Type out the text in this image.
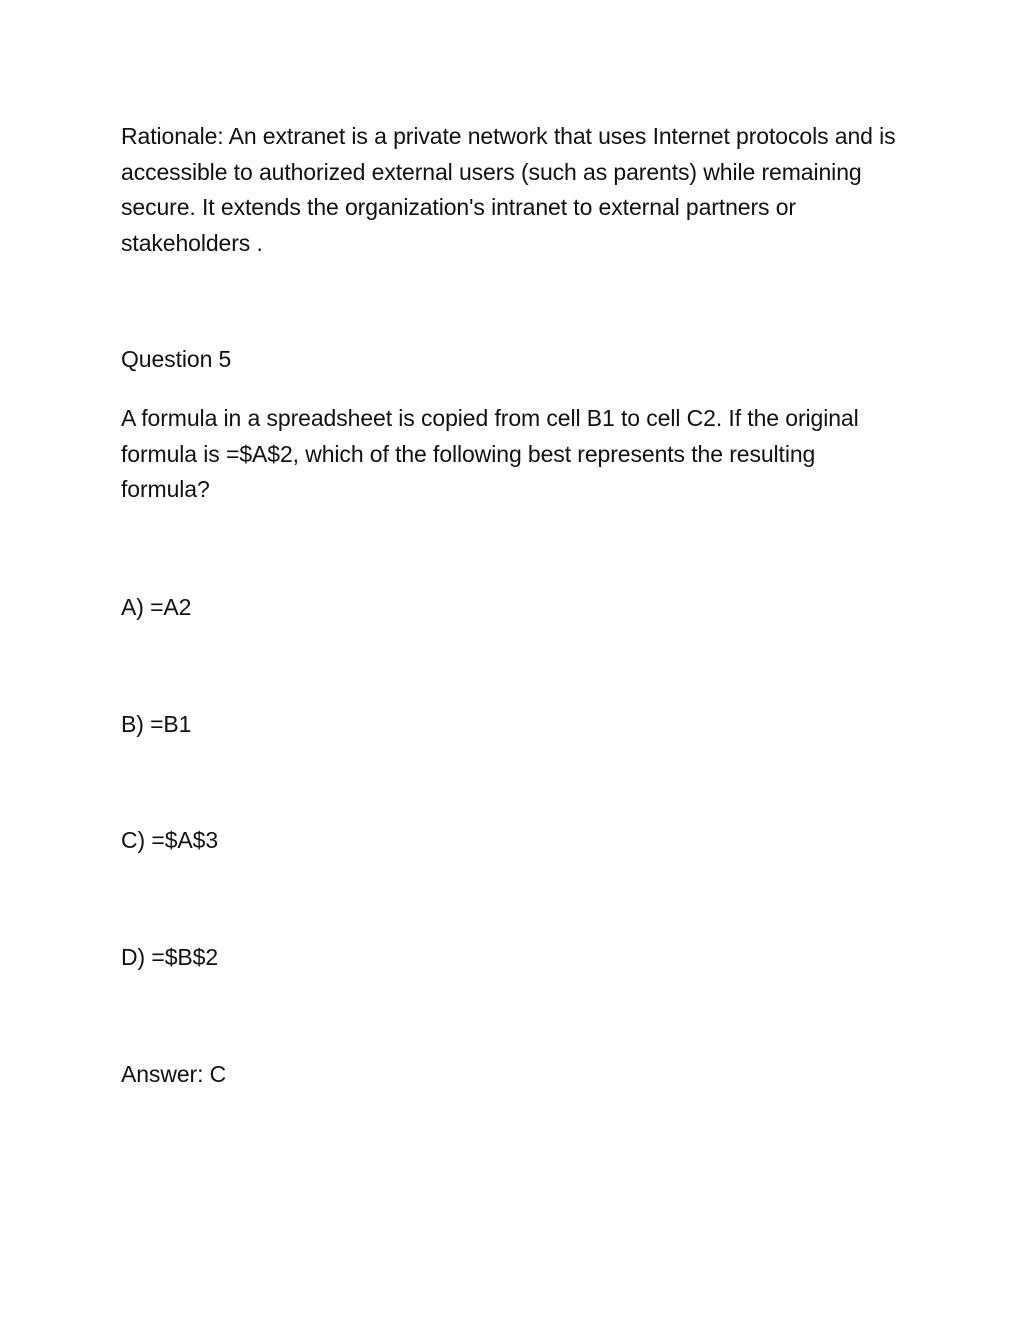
Rationale: An extranet is a private network that uses Internet protocols and is accessible to authorized external users (such as parents) while remaining secure. It extends the organization's intranet to external partners or stakeholders .
Question 5
A formula in a spreadsheet is copied from cell B1 to cell C2. If the original formula is =$A$2, which of the following best represents the resulting formula?
A) =A2
B) =B1
C) =$A$3
D) =$B$2
Answer: C
